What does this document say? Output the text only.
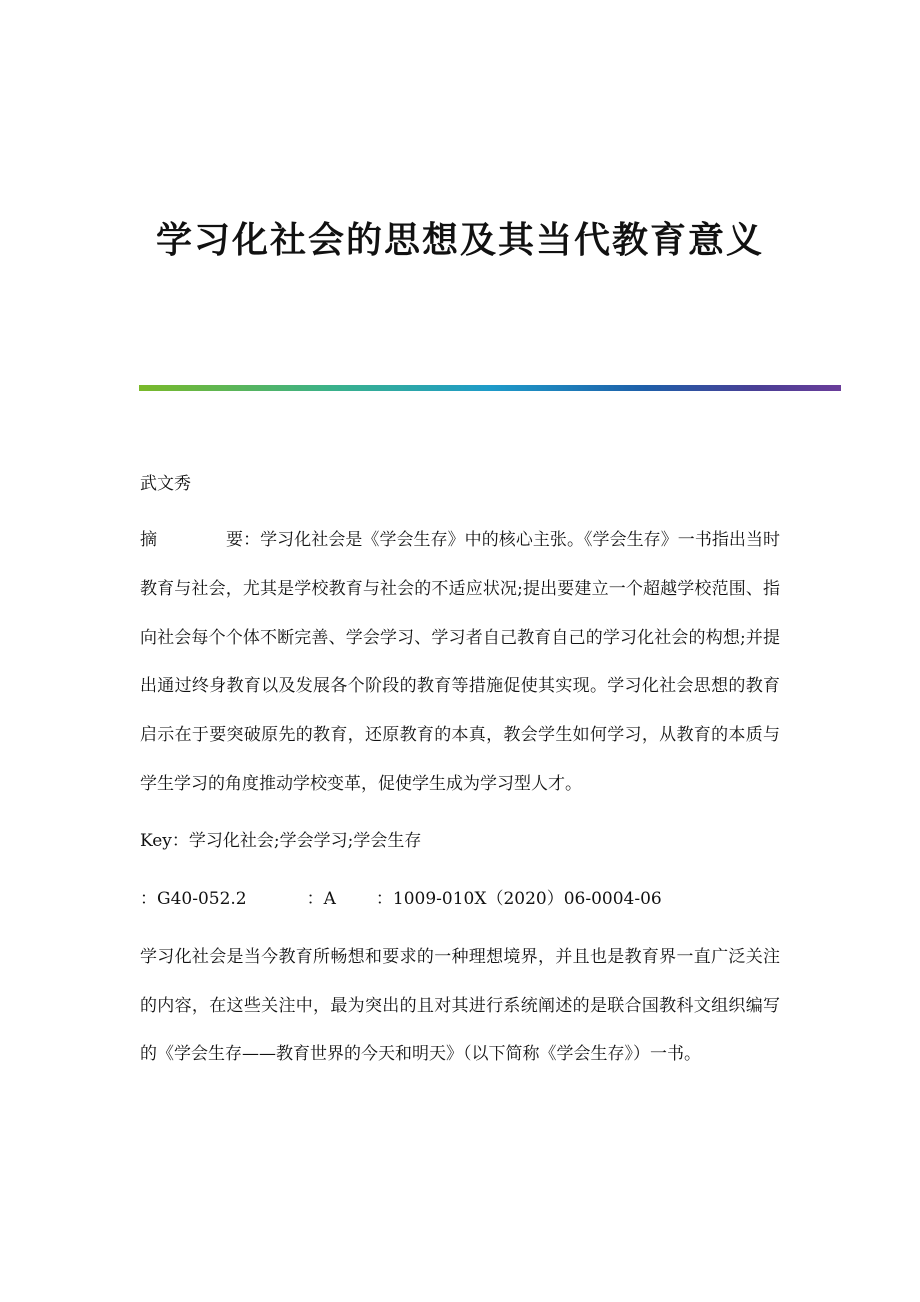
学习化社会的思想及其当代教育意义

武文秀

摘	要：学习化社会是《学会生存》中的核心主张。《学会生存》一书指出当时教育与社会，尤其是学校教育与社会的不适应状况;提出要建立一个超越学校范围、指向社会每个个体不断完善、学会学习、学习者自己教育自己的学习化社会的构想;并提出通过终身教育以及发展各个阶段的教育等措施促使其实现。学习化社会思想的教育启示在于要突破原先的教育，还原教育的本真，教会学生如何学习，从教育的本质与学生学习的角度推动学校变革，促使学生成为学习型人才。

Key：学习化社会;学会学习;学会生存

：G40-052.2	：A ：1009-010X（2020）06-0004-06

学习化社会是当今教育所畅想和要求的一种理想境界，并且也是教育界一直广泛关注的内容，在这些关注中，最为突出的且对其进行系统阐述的是联合国教科文组织编写的《学会生存——教育世界的今天和明天》（以下简称《学会生存》）一书。
